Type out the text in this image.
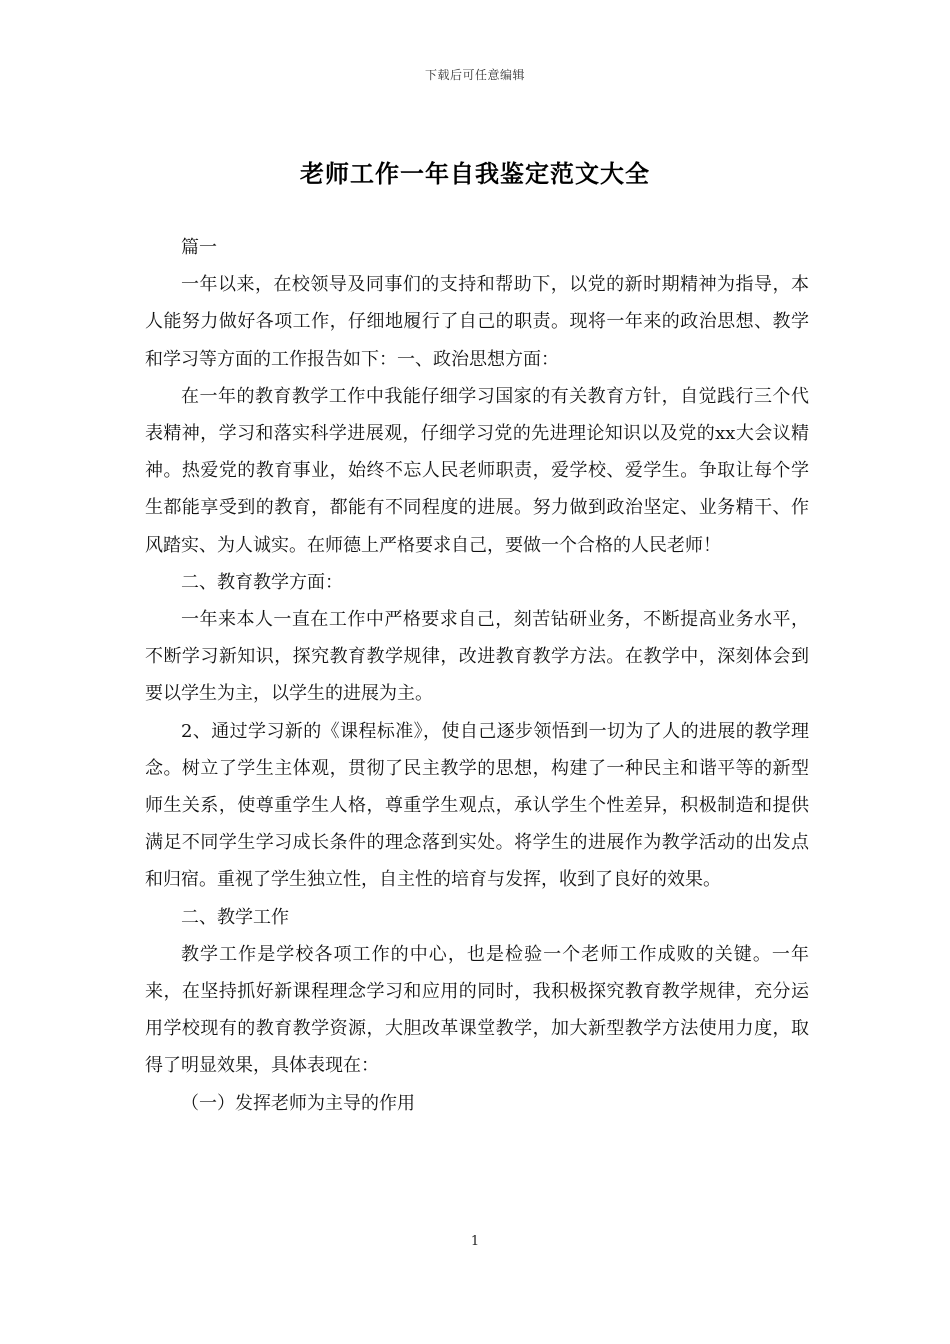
下载后可任意编辑
老师工作一年自我鉴定范文大全

篇一

一年以来，在校领导及同事们的支持和帮助下，以党的新时期精神为指导，本人能努力做好各项工作，仔细地履行了自己的职责。现将一年来的政治思想、教学和学习等方面的工作报告如下：一、政治思想方面：

在一年的教育教学工作中我能仔细学习国家的有关教育方针，自觉践行三个代表精神，学习和落实科学进展观，仔细学习党的先进理论知识以及党的xx大会议精神。热爱党的教育事业，始终不忘人民老师职责，爱学校、爱学生。争取让每个学生都能享受到的教育，都能有不同程度的进展。努力做到政治坚定、业务精干、作风踏实、为人诚实。在师德上严格要求自己，要做一个合格的人民老师！

二、教育教学方面：

一年来本人一直在工作中严格要求自己，刻苦钻研业务，不断提高业务水平，不断学习新知识，探究教育教学规律，改进教育教学方法。在教学中，深刻体会到要以学生为主，以学生的进展为主。

2、通过学习新的《课程标准》，使自己逐步领悟到一切为了人的进展的教学理念。树立了学生主体观，贯彻了民主教学的思想，构建了一种民主和谐平等的新型师生关系，使尊重学生人格，尊重学生观点，承认学生个性差异，积极制造和提供满足不同学生学习成长条件的理念落到实处。将学生的进展作为教学活动的出发点和归宿。重视了学生独立性，自主性的培育与发挥，收到了良好的效果。

二、教学工作

教学工作是学校各项工作的中心，也是检验一个老师工作成败的关键。一年来，在坚持抓好新课程理念学习和应用的同时，我积极探究教育教学规律，充分运用学校现有的教育教学资源，大胆改革课堂教学，加大新型教学方法使用力度，取得了明显效果，具体表现在：

（一）发挥老师为主导的作用

1
